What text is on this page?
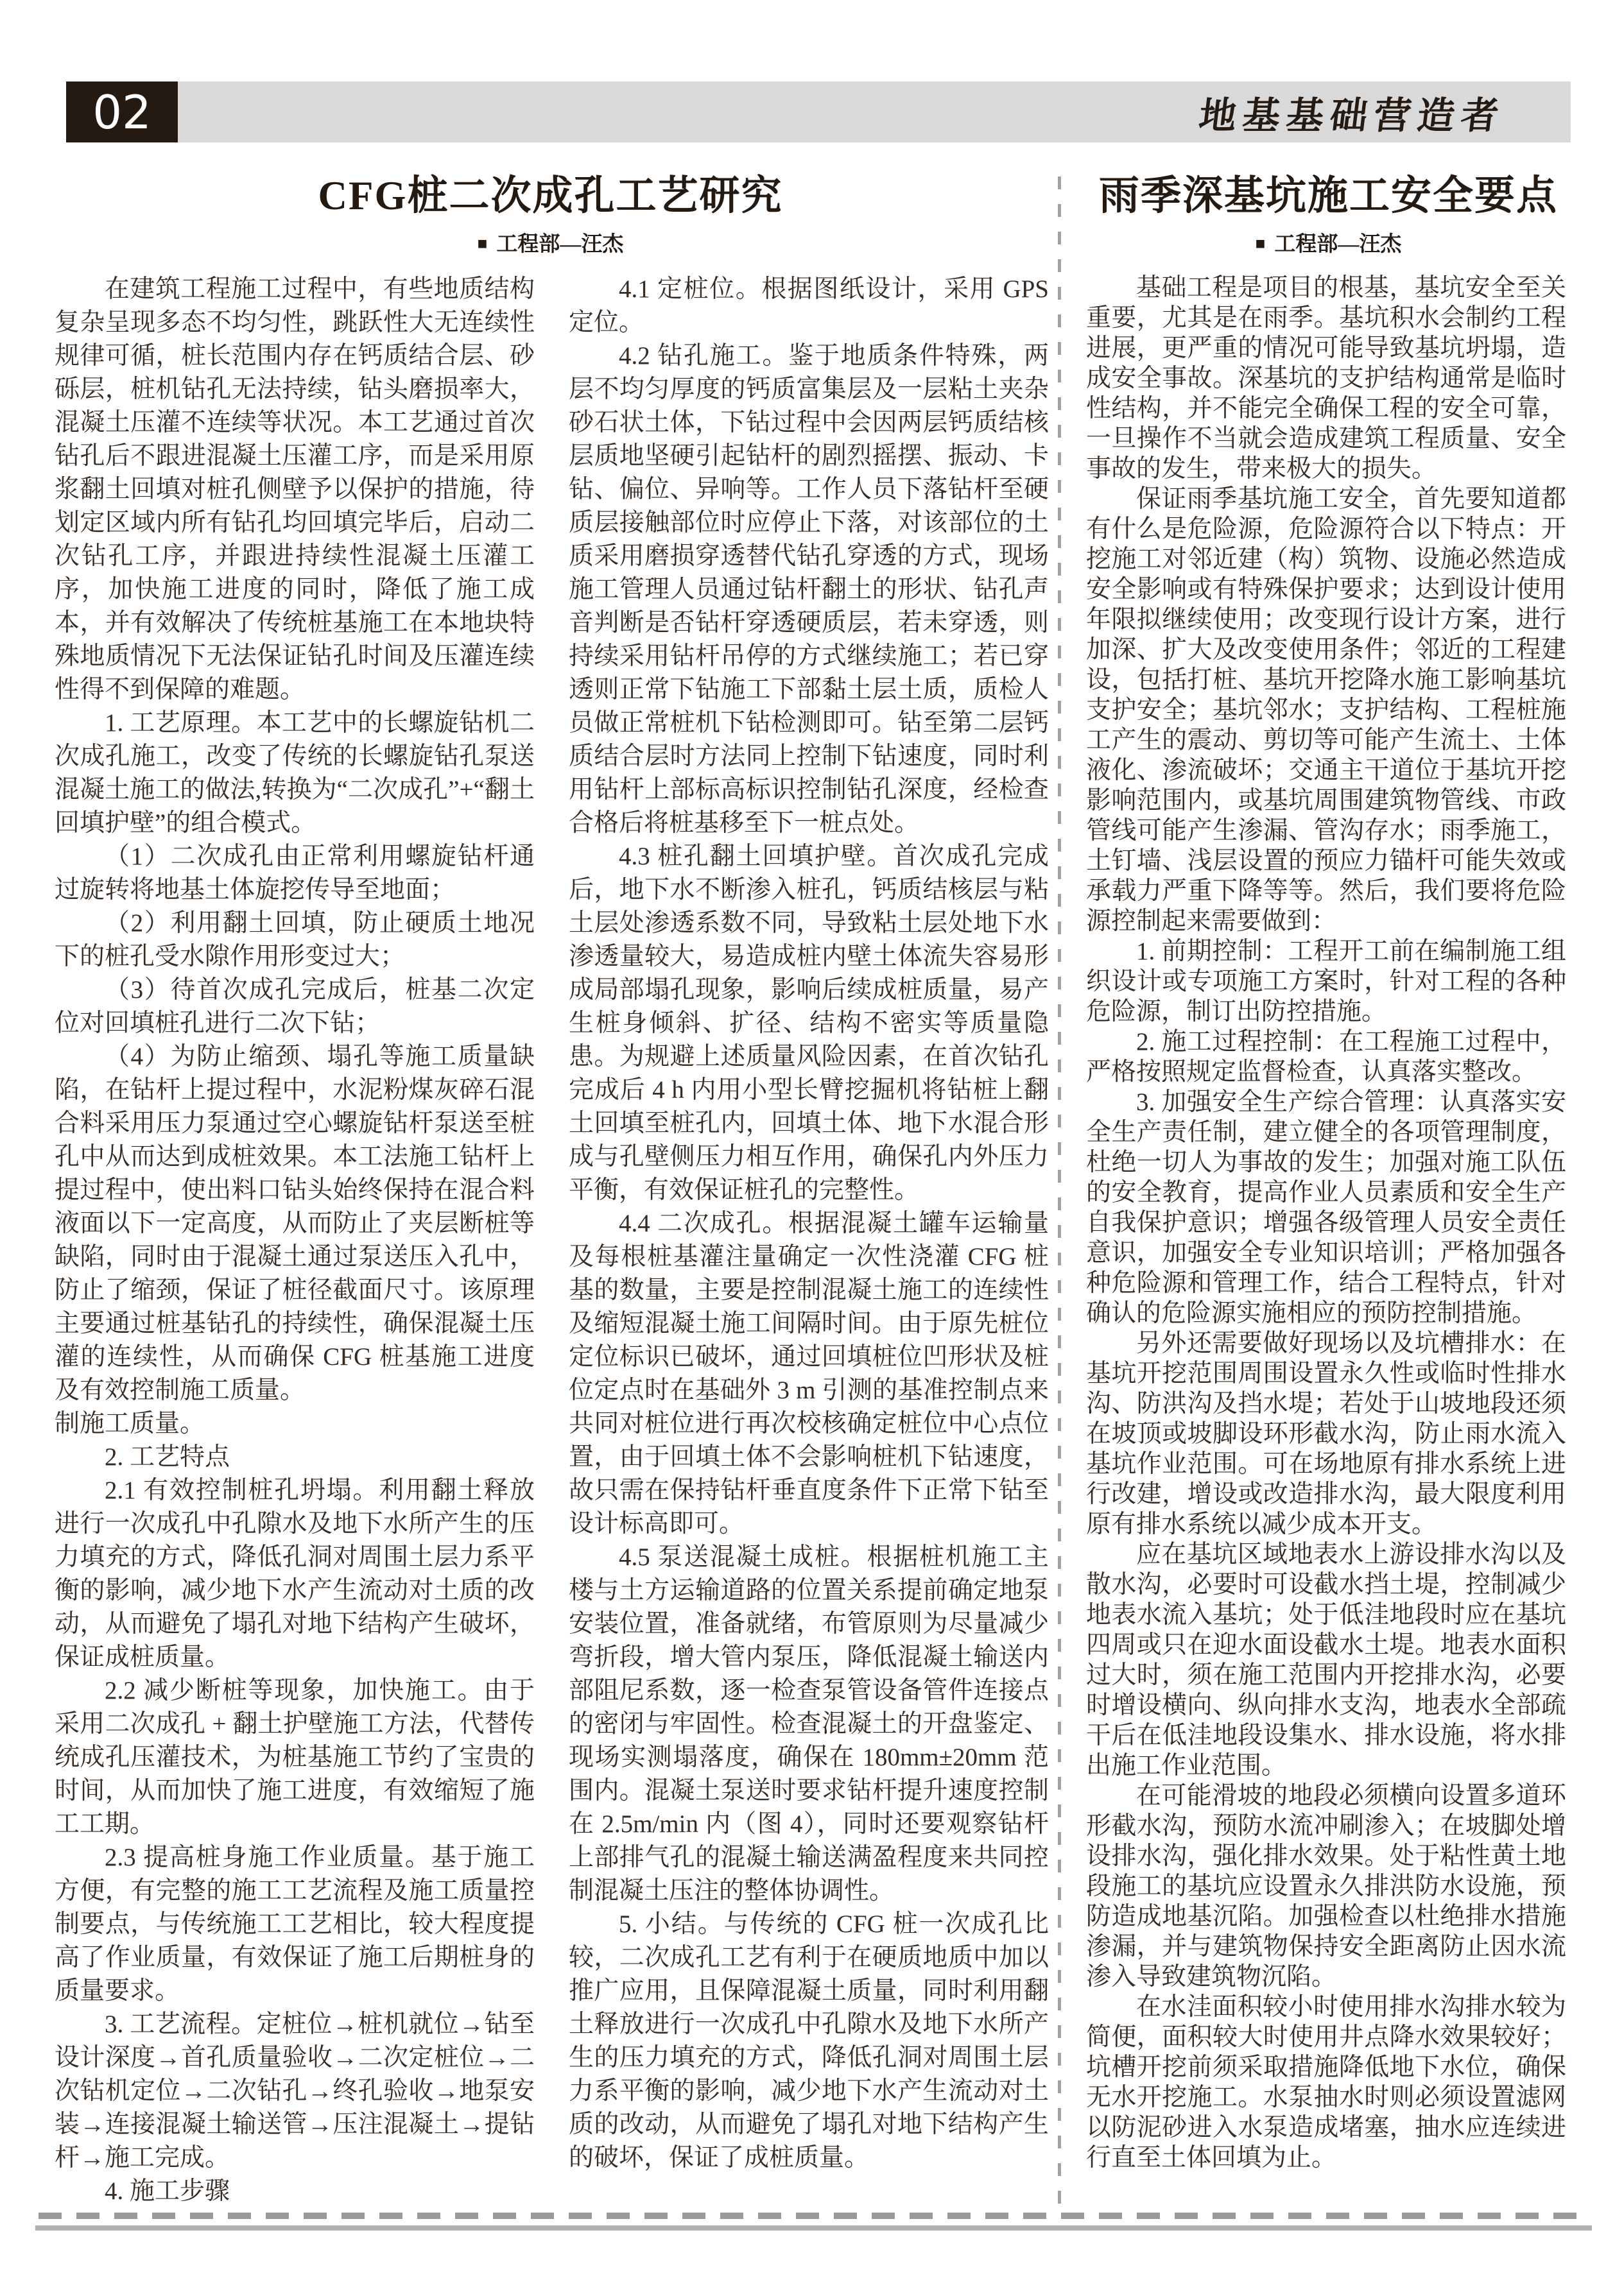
02	地基基础营造者
CFG桩二次成孔工艺研究
■ 工程部—汪杰
雨季深基坑施工安全要点
■ 工程部—汪杰

在建筑工程施工过程中，有些地质结构复杂呈现多态不均匀性，跳跃性大无连续性规律可循，桩长范围内存在钙质结合层、砂砾层，桩机钻孔无法持续，钻头磨损率大，混凝土压灌不连续等状况。本工艺通过首次钻孔后不跟进混凝土压灌工序，而是采用原浆翻土回填对桩孔侧壁予以保护的措施，待划定区域内所有钻孔均回填完毕后，启动二次钻孔工序，并跟进持续性混凝土压灌工序，加快施工进度的同时，降低了施工成本，并有效解决了传统桩基施工在本地块特殊地质情况下无法保证钻孔时间及压灌连续性得不到保障的难题。

1. 工艺原理。本工艺中的长螺旋钻机二次成孔施工，改变了传统的长螺旋钻孔泵送混凝土施工的做法,转换为“二次成孔”+“翻土回填护壁”的组合模式。

（1）二次成孔由正常利用螺旋钻杆通过旋转将地基土体旋挖传导至地面；

（2）利用翻土回填，防止硬质土地况下的桩孔受水隙作用形变过大；

（3）待首次成孔完成后，桩基二次定位对回填桩孔进行二次下钻；

（4）为防止缩颈、塌孔等施工质量缺陷，在钻杆上提过程中，水泥粉煤灰碎石混合料采用压力泵通过空心螺旋钻杆泵送至桩孔中从而达到成桩效果。本工法施工钻杆上提过程中，使出料口钻头始终保持在混合料液面以下一定高度，从而防止了夹层断桩等缺陷，同时由于混凝土通过泵送压入孔中，防止了缩颈，保证了桩径截面尺寸。该原理主要通过桩基钻孔的持续性，确保混凝土压灌的连续性，从而确保 CFG 桩基施工进度及有效控制施工质量。

制施工质量。

2. 工艺特点

2.1 有效控制桩孔坍塌。利用翻土释放进行一次成孔中孔隙水及地下水所产生的压力填充的方式，降低孔洞对周围土层力系平衡的影响，减少地下水产生流动对土质的改动，从而避免了塌孔对地下结构产生破坏，保证成桩质量。

2.2 减少断桩等现象，加快施工。由于采用二次成孔 + 翻土护壁施工方法，代替传统成孔压灌技术，为桩基施工节约了宝贵的时间，从而加快了施工进度，有效缩短了施工工期。

2.3 提高桩身施工作业质量。基于施工方便，有完整的施工工艺流程及施工质量控制要点，与传统施工工艺相比，较大程度提高了作业质量，有效保证了施工后期桩身的质量要求。

3. 工艺流程。定桩位→桩机就位→钻至设计深度→首孔质量验收→二次定桩位→二次钻机定位→二次钻孔→终孔验收→地泵安装→连接混凝土输送管→压注混凝土→提钻杆→施工完成。

4. 施工步骤

4.1 定桩位。根据图纸设计，采用 GPS 定位。

4.2 钻孔施工。鉴于地质条件特殊，两层不均匀厚度的钙质富集层及一层粘土夹杂砂石状土体，下钻过程中会因两层钙质结核层质地坚硬引起钻杆的剧烈摇摆、振动、卡钻、偏位、异响等。工作人员下落钻杆至硬质层接触部位时应停止下落，对该部位的土质采用磨损穿透替代钻孔穿透的方式，现场施工管理人员通过钻杆翻土的形状、钻孔声音判断是否钻杆穿透硬质层，若未穿透，则持续采用钻杆吊停的方式继续施工；若已穿透则正常下钻施工下部黏土层土质，质检人员做正常桩机下钻检测即可。钻至第二层钙质结合层时方法同上控制下钻速度，同时利用钻杆上部标高标识控制钻孔深度，经检查合格后将桩基移至下一桩点处。

4.3 桩孔翻土回填护壁。首次成孔完成后，地下水不断渗入桩孔，钙质结核层与粘土层处渗透系数不同，导致粘土层处地下水渗透量较大，易造成桩内壁土体流失容易形成局部塌孔现象，影响后续成桩质量，易产生桩身倾斜、扩径、结构不密实等质量隐患。为规避上述质量风险因素，在首次钻孔完成后 4 h 内用小型长臂挖掘机将钻桩上翻土回填至桩孔内，回填土体、地下水混合形成与孔壁侧压力相互作用，确保孔内外压力平衡，有效保证桩孔的完整性。

4.4 二次成孔。根据混凝土罐车运输量及每根桩基灌注量确定一次性浇灌 CFG 桩基的数量，主要是控制混凝土施工的连续性及缩短混凝土施工间隔时间。由于原先桩位定位标识已破坏，通过回填桩位凹形状及桩位定点时在基础外 3 m 引测的基准控制点来共同对桩位进行再次校核确定桩位中心点位置，由于回填土体不会影响桩机下钻速度，故只需在保持钻杆垂直度条件下正常下钻至设计标高即可。

4.5 泵送混凝土成桩。根据桩机施工主楼与土方运输道路的位置关系提前确定地泵安装位置，准备就绪，布管原则为尽量减少弯折段，增大管内泵压，降低混凝土输送内部阻尼系数，逐一检查泵管设备管件连接点的密闭与牢固性。检查混凝土的开盘鉴定、现场实测塌落度，确保在 180mm±20mm 范围内。混凝土泵送时要求钻杆提升速度控制在 2.5m/min 内（图 4），同时还要观察钻杆上部排气孔的混凝土输送满盈程度来共同控制混凝土压注的整体协调性。

5. 小结。与传统的 CFG 桩一次成孔比较，二次成孔工艺有利于在硬质地质中加以推广应用，且保障混凝土质量，同时利用翻土释放进行一次成孔中孔隙水及地下水所产生的压力填充的方式，降低孔洞对周围土层力系平衡的影响，减少地下水产生流动对土质的改动，从而避免了塌孔对地下结构产生的破坏，保证了成桩质量。

基础工程是项目的根基，基坑安全至关重要，尤其是在雨季。基坑积水会制约工程进展，更严重的情况可能导致基坑坍塌，造成安全事故。深基坑的支护结构通常是临时性结构，并不能完全确保工程的安全可靠，一旦操作不当就会造成建筑工程质量、安全事故的发生，带来极大的损失。

保证雨季基坑施工安全，首先要知道都有什么是危险源，危险源符合以下特点：开挖施工对邻近建（构）筑物、设施必然造成安全影响或有特殊保护要求；达到设计使用年限拟继续使用；改变现行设计方案，进行加深、扩大及改变使用条件；邻近的工程建设，包括打桩、基坑开挖降水施工影响基坑支护安全；基坑邻水；支护结构、工程桩施工产生的震动、剪切等可能产生流土、土体液化、渗流破坏；交通主干道位于基坑开挖影响范围内，或基坑周围建筑物管线、市政管线可能产生渗漏、管沟存水；雨季施工，土钉墙、浅层设置的预应力锚杆可能失效或承载力严重下降等等。然后，我们要将危险源控制起来需要做到：

1. 前期控制：工程开工前在编制施工组织设计或专项施工方案时，针对工程的各种危险源，制订出防控措施。

2. 施工过程控制：在工程施工过程中，严格按照规定监督检查，认真落实整改。

3. 加强安全生产综合管理：认真落实安全生产责任制，建立健全的各项管理制度，杜绝一切人为事故的发生；加强对施工队伍的安全教育，提高作业人员素质和安全生产自我保护意识；增强各级管理人员安全责任意识，加强安全专业知识培训；严格加强各种危险源和管理工作，结合工程特点，针对确认的危险源实施相应的预防控制措施。

另外还需要做好现场以及坑槽排水：在基坑开挖范围周围设置永久性或临时性排水沟、防洪沟及挡水堤；若处于山坡地段还须在坡顶或坡脚设环形截水沟，防止雨水流入基坑作业范围。可在场地原有排水系统上进行改建，增设或改造排水沟，最大限度利用原有排水系统以减少成本开支。

应在基坑区域地表水上游设排水沟以及散水沟，必要时可设截水挡土堤，控制减少地表水流入基坑；处于低洼地段时应在基坑四周或只在迎水面设截水土堤。地表水面积过大时，须在施工范围内开挖排水沟，必要时增设横向、纵向排水支沟，地表水全部疏干后在低洼地段设集水、排水设施，将水排出施工作业范围。

在可能滑坡的地段必须横向设置多道环形截水沟，预防水流冲刷渗入；在坡脚处增设排水沟，强化排水效果。处于粘性黄土地段施工的基坑应设置永久排洪防水设施，预防造成地基沉陷。加强检查以杜绝排水措施渗漏，并与建筑物保持安全距离防止因水流渗入导致建筑物沉陷。

在水洼面积较小时使用排水沟排水较为简便，面积较大时使用井点降水效果较好；坑槽开挖前须采取措施降低地下水位，确保无水开挖施工。水泵抽水时则必须设置滤网以防泥砂进入水泵造成堵塞，抽水应连续进行直至土体回填为止。
